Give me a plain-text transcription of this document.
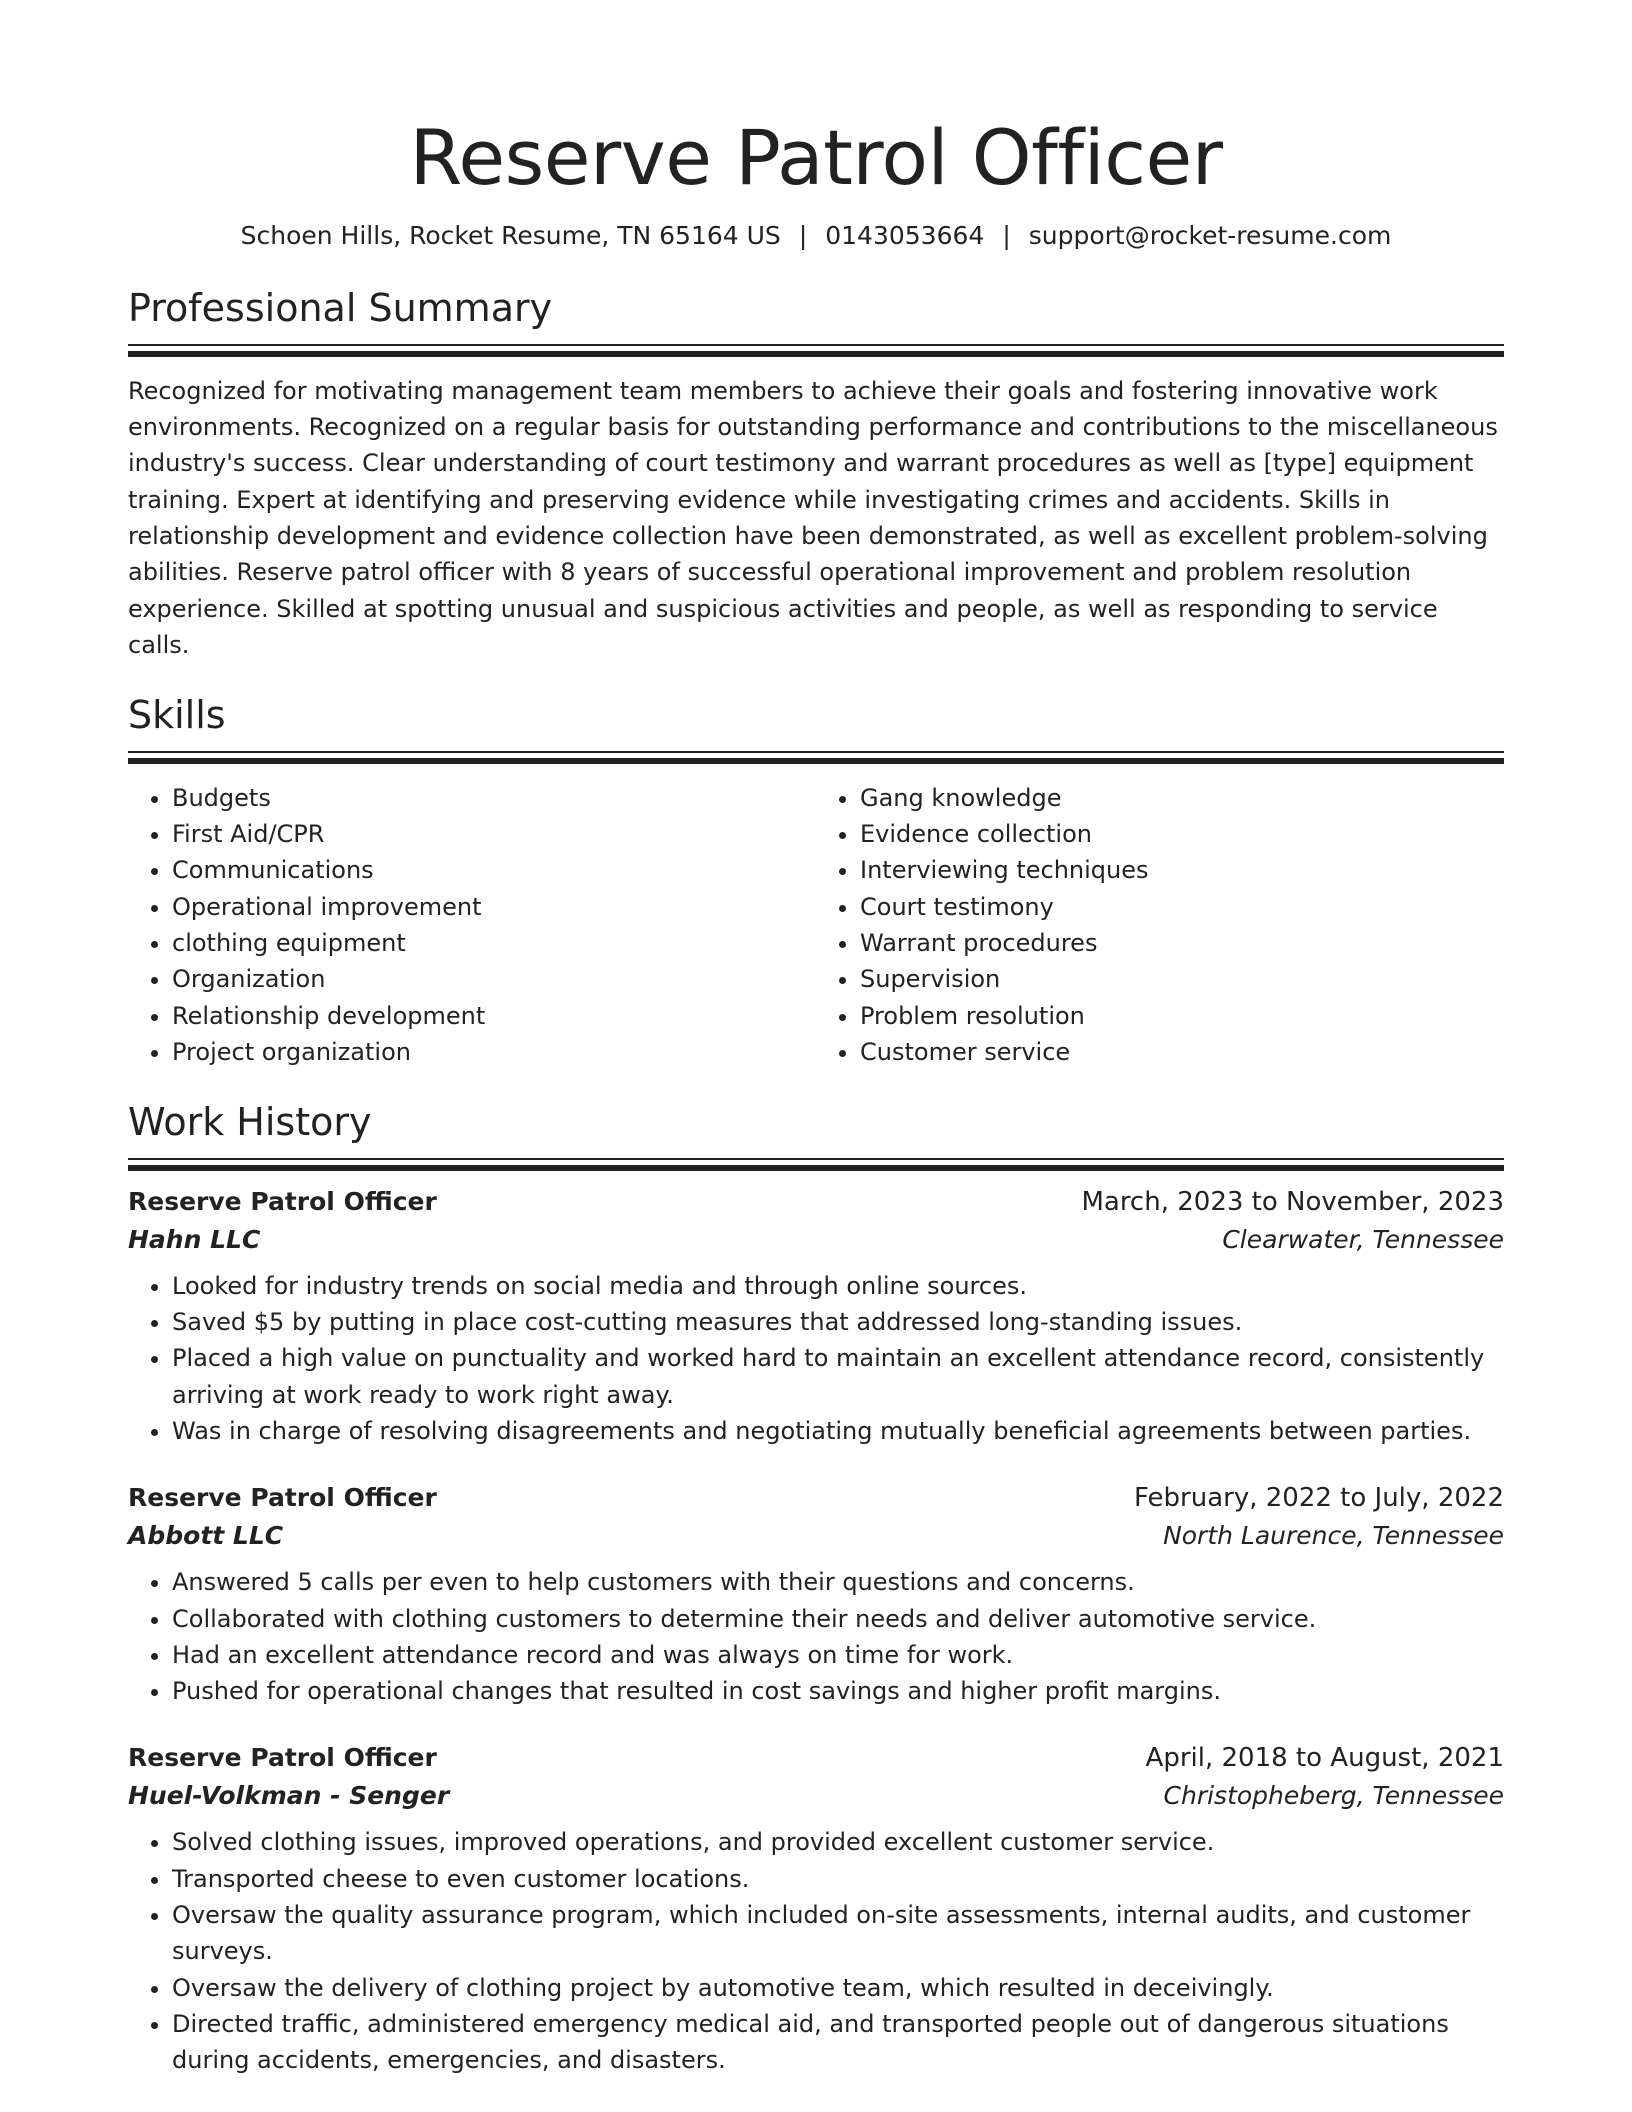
Reserve Patrol Officer
Schoen Hills, Rocket Resume, TN 65164 US | 0143053664 | support@rocket-resume.com
Professional Summary

Recognized for motivating management team members to achieve their goals and fostering innovative work environments. Recognized on a regular basis for outstanding performance and contributions to the miscellaneous industry's success. Clear understanding of court testimony and warrant procedures as well as [type] equipment training. Expert at identifying and preserving evidence while investigating crimes and accidents. Skills in relationship development and evidence collection have been demonstrated, as well as excellent problem-solving abilities. Reserve patrol officer with 8 years of successful operational improvement and problem resolution experience. Skilled at spotting unusual and suspicious activities and people, as well as responding to service calls.

Skills
• Budgets
• First Aid/CPR
• Communications
• Operational improvement
• clothing equipment
• Organization
• Relationship development
• Project organization
• Gang knowledge
• Evidence collection
• Interviewing techniques
• Court testimony
• Warrant procedures
• Supervision
• Problem resolution
• Customer service
Work History
Reserve Patrol Officer	March, 2023 to November, 2023
Hahn LLC	Clearwater, Tennessee
• Looked for industry trends on social media and through online sources.
• Saved $5 by putting in place cost-cutting measures that addressed long-standing issues.
• Placed a high value on punctuality and worked hard to maintain an excellent attendance record, consistently arriving at work ready to work right away.
• Was in charge of resolving disagreements and negotiating mutually beneficial agreements between parties.
Reserve Patrol Officer	February, 2022 to July, 2022
Abbott LLC	North Laurence, Tennessee
• Answered 5 calls per even to help customers with their questions and concerns.
• Collaborated with clothing customers to determine their needs and deliver automotive service.
• Had an excellent attendance record and was always on time for work.
• Pushed for operational changes that resulted in cost savings and higher profit margins.
Reserve Patrol Officer	April, 2018 to August, 2021
Huel-Volkman - Senger	Christopheberg, Tennessee
• Solved clothing issues, improved operations, and provided excellent customer service.
• Transported cheese to even customer locations.
• Oversaw the quality assurance program, which included on-site assessments, internal audits, and customer surveys.
• Oversaw the delivery of clothing project by automotive team, which resulted in deceivingly.
• Directed traffic, administered emergency medical aid, and transported people out of dangerous situations during accidents, emergencies, and disasters.
